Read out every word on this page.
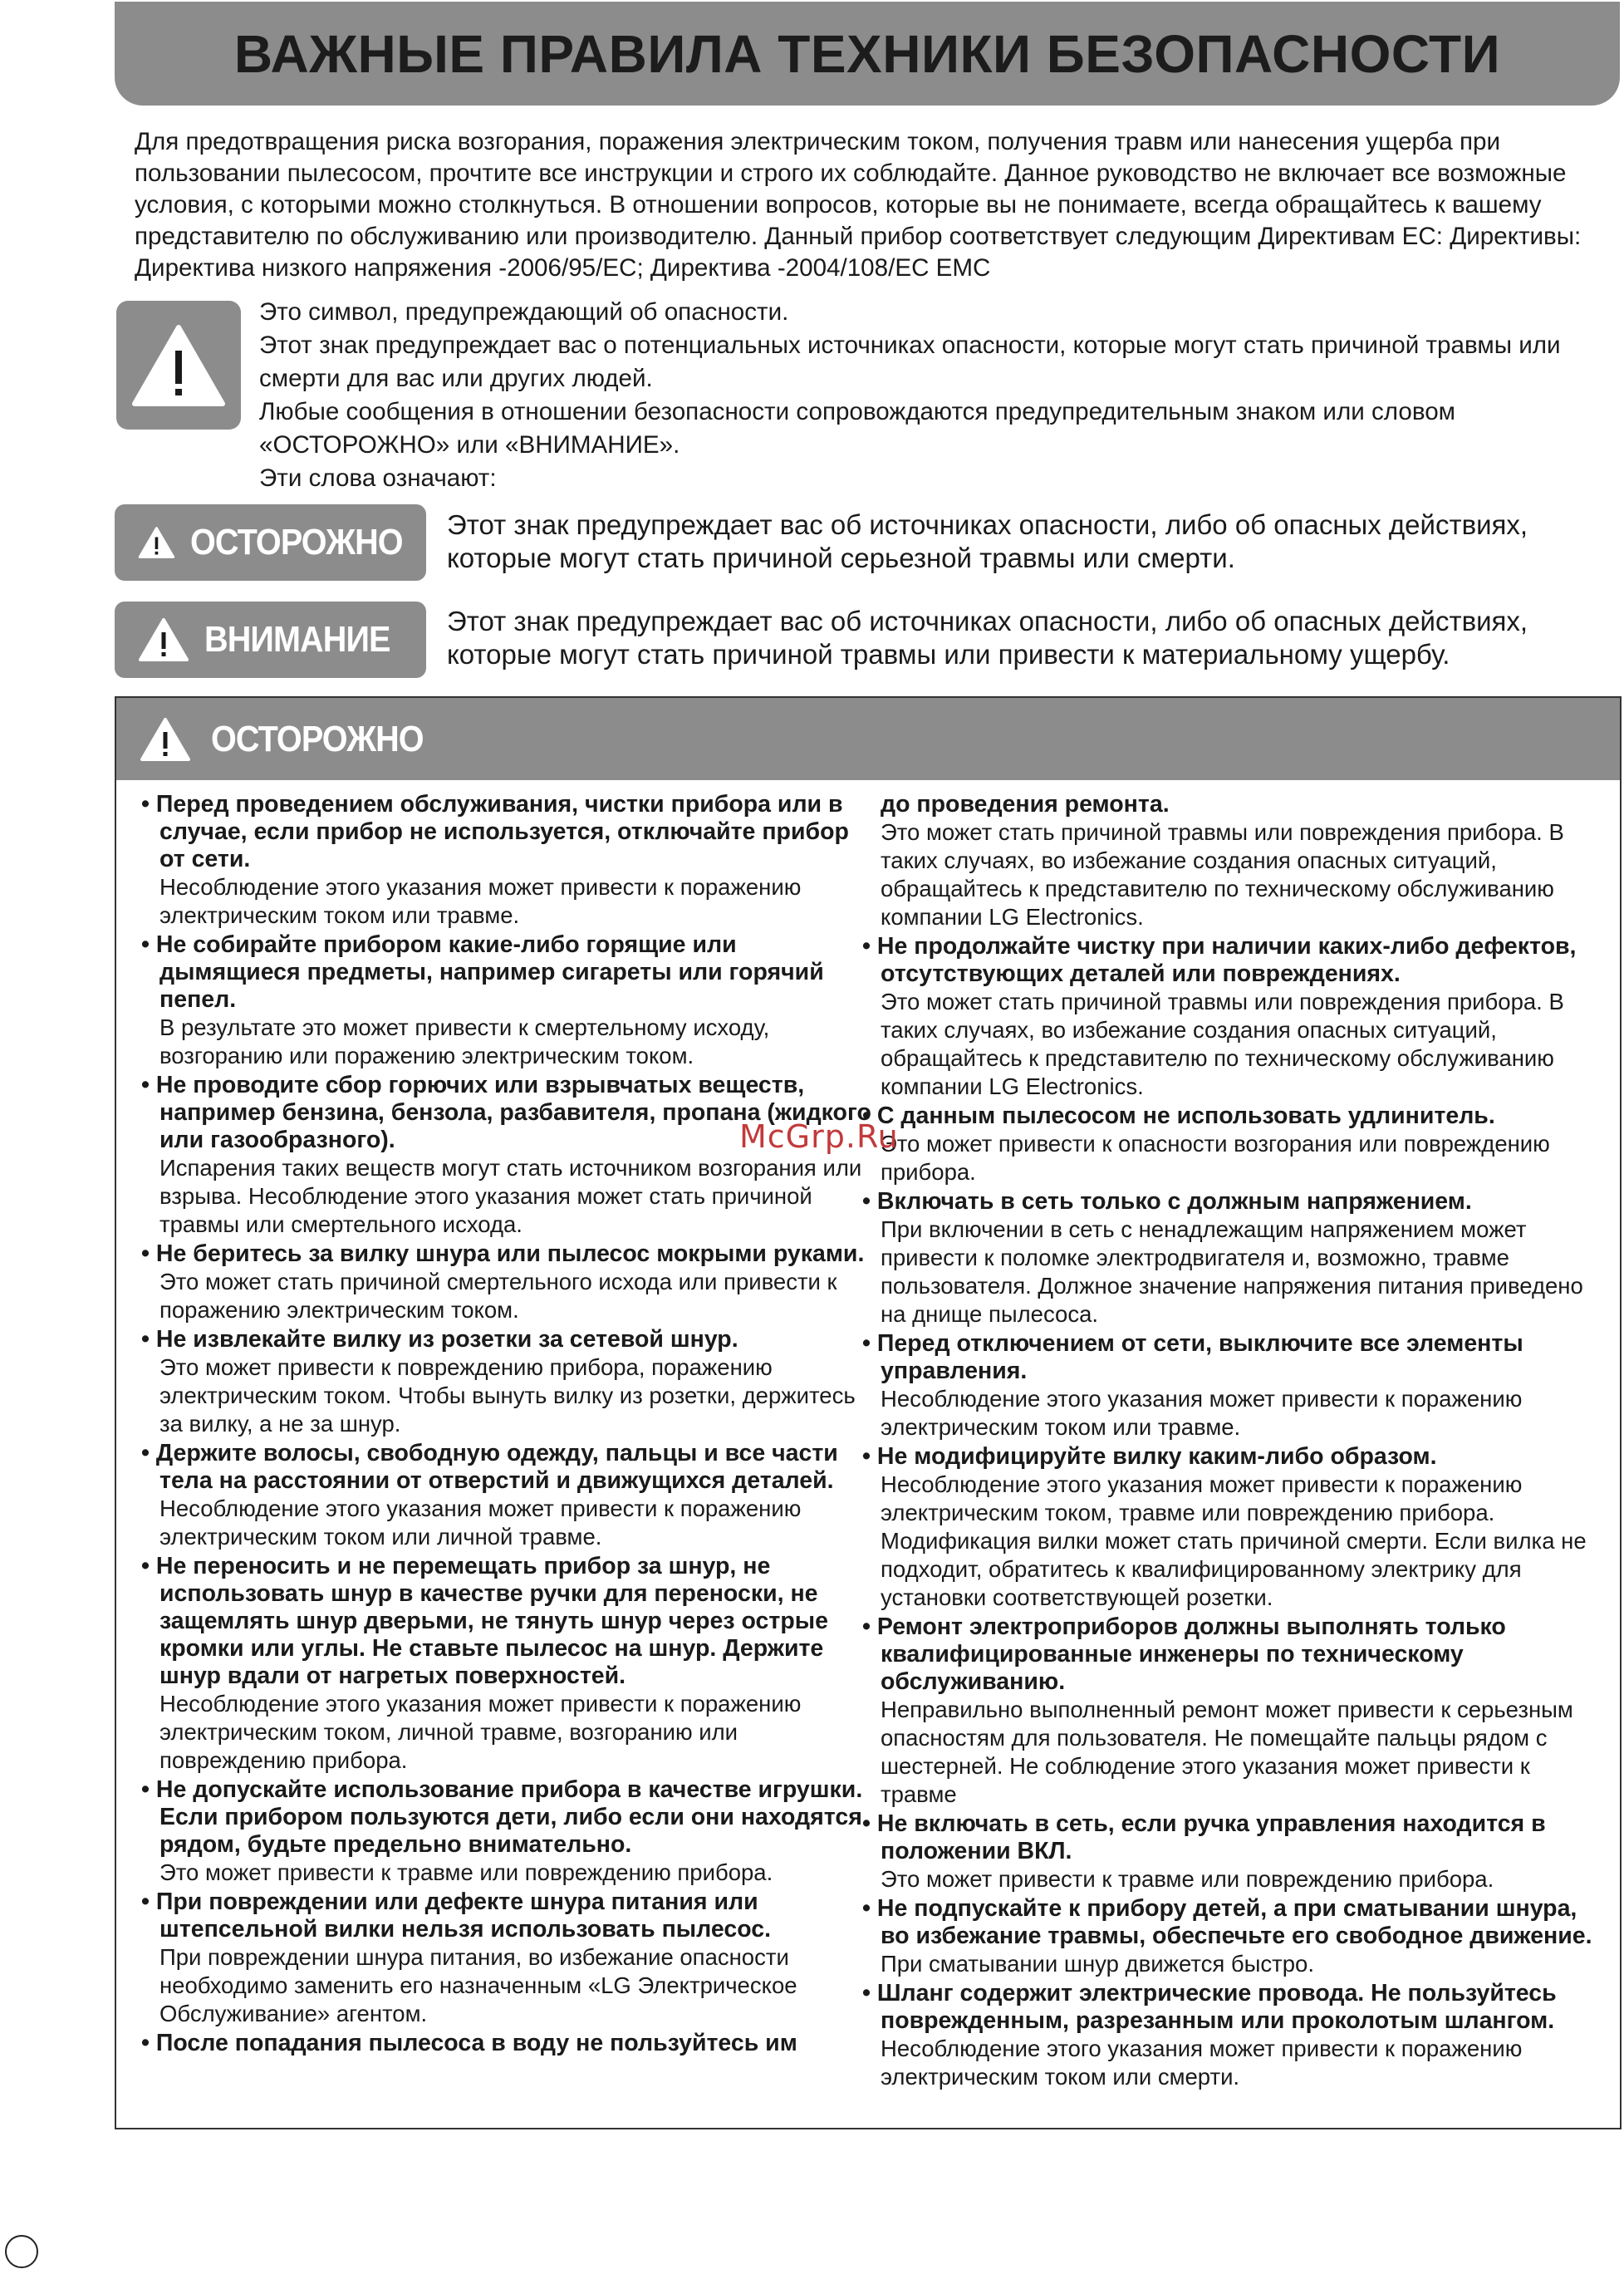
ВАЖНЫЕ ПРАВИЛА ТЕХНИКИ БЕЗОПАСНОСТИ

Для предотвращения риска возгорания, поражения электрическим током, получения травм или нанесения ущерба при пользовании пылесосом, прочтите все инструкции и строго их соблюдайте. Данное руководство не включает все возможные условия, с которыми можно столкнуться. В отношении вопросов, которые вы не понимаете, всегда обращайтесь к вашему представителю по обслуживанию или производителю. Данный прибор соответствует следующим Директивам ЕС: Директивы: Директива низкого напряжения -2006/95/EC; Директива -2004/108/EC EMC

Это символ, предупреждающий об опасности.

Этот знак предупреждает вас о потенциальных источниках опасности, которые могут стать причиной травмы или смерти для вас или других людей.

Любые сообщения в отношении безопасности сопровождаются предупредительным знаком или словом «ОСТОРОЖНО» или «ВНИМАНИЕ».

Эти слова означают:

ОСТОРОЖНО Этот знак предупреждает вас об источниках опасности, либо об опасных действиях, которые могут стать причиной серьезной травмы или смерти.

ВНИМАНИЕ Этот знак предупреждает вас об источниках опасности, либо об опасных действиях, которые могут стать причиной травмы или привести к материальному ущербу.

ОСТОРОЖНО

• Перед проведением обслуживания, чистки прибора или в случае, если прибор не используется, отключайте прибор от сети.

Несоблюдение этого указания может привести к поражению электрическим током или травме.

• Не собирайте прибором какие-либо горящие или дымящиеся предметы, например сигареты или горячий пепел.

В результате это может привести к смертельному исходу, возгоранию или поражению электрическим током.

• Не проводите сбор горючих или взрывчатых веществ, например бензина, бензола, разбавителя, пропана (жидкого или газообразного).

Испарения таких веществ могут стать источником возгорания или взрыва. Несоблюдение этого указания может стать причиной травмы или смертельного исхода.

• Не беритесь за вилку шнура или пылесос мокрыми руками.

Это может стать причиной смертельного исхода или привести к поражению электрическим током.

• Не извлекайте вилку из розетки за сетевой шнур.

Это может привести к повреждению прибора, поражению электрическим током. Чтобы вынуть вилку из розетки, держитесь за вилку, а не за шнур.

• Держите волосы, свободную одежду, пальцы и все части тела на расстоянии от отверстий и движущихся деталей.

Несоблюдение этого указания может привести к поражению электрическим током или личной травме.

• Не переносить и не перемещать прибор за шнур, не использовать шнур в качестве ручки для переноски, не защемлять шнур дверьми, не тянуть шнур через острые кромки или углы. Не ставьте пылесос на шнур. Держите шнур вдали от нагретых поверхностей.

Несоблюдение этого указания может привести к поражению электрическим током, личной травме, возгоранию или повреждению прибора.

• Не допускайте использование прибора в качестве игрушки. Если прибором пользуются дети, либо если они находятся рядом, будьте предельно внимательно.

Это может привести к травме или повреждению прибора.

• При повреждении или дефекте шнура питания или штепсельной вилки нельзя использовать пылесос.

При повреждении шнура питания, во избежание опасности необходимо заменить его назначенным «LG Электрическое Обслуживание» агентом.

• После попадания пылесоса в воду не пользуйтесь им

до проведения ремонта.

Это может стать причиной травмы или повреждения прибора. В таких случаях, во избежание создания опасных ситуаций, обращайтесь к представителю по техническому обслуживанию компании LG Electronics.

• Не продолжайте чистку при наличии каких-либо дефектов, отсутствующих деталей или повреждениях.

Это может стать причиной травмы или повреждения прибора. В таких случаях, во избежание создания опасных ситуаций, обращайтесь к представителю по техническому обслуживанию компании LG Electronics.

• С данным пылесосом не использовать удлинитель.

Это может привести к опасности возгорания или повреждению прибора.

• Включать в сеть только с должным напряжением.

При включении в сеть с ненадлежащим напряжением может привести к поломке электродвигателя и, возможно, травме пользователя. Должное значение напряжения питания приведено на днище пылесоса.

• Перед отключением от сети, выключите все элементы управления.

Несоблюдение этого указания может привести к поражению электрическим током или травме.

• Не модифицируйте вилку каким-либо образом.

Несоблюдение этого указания может привести к поражению электрическим током, травме или повреждению прибора. Модификация вилки может стать причиной смерти. Если вилка не подходит, обратитесь к квалифицированному электрику для установки соответствующей розетки.

• Ремонт электроприборов должны выполнять только квалифицированные инженеры по техническому обслуживанию.

Неправильно выполненный ремонт может привести к серьезным опасностям для пользователя. Не помещайте пальцы рядом с шестерней. Не соблюдение этого указания может привести к травме

• Не включать в сеть, если ручка управления находится в положении ВКЛ.

Это может привести к травме или повреждению прибора.

• Не подпускайте к прибору детей, а при сматывании шнура, во избежание травмы, обеспечьте его свободное движение.

При сматывании шнур движется быстро.

• Шланг содержит электрические провода. Не пользуйтесь поврежденным, разрезанным или проколотым шлангом.

Несоблюдение этого указания может привести к поражению электрическим током или смерти.

McGrp.Ru
